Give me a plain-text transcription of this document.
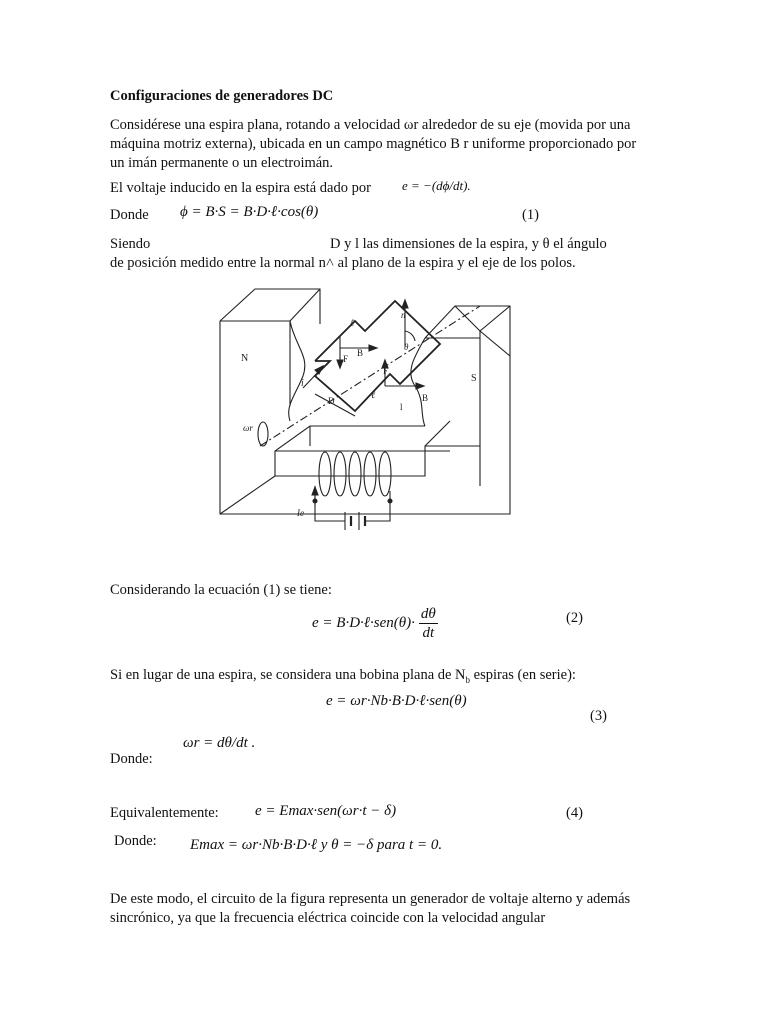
Configuraciones de generadores DC
Considérese una espira plana, rotando a velocidad ωr alrededor de su eje (movida por una máquina motriz externa), ubicada en un campo magnético B r uniforme proporcionado por un imán permanente o un electroimán.
El voltaje inducido en la espira está dado por e = −(dϕ/dt).
Donde ϕ = B·S = B·D·ℓ·cos(θ)	(1)
Siendo	D y l las dimensiones de la espira, y θ el ángulo
de posición medido entre la normal n˄ al plano de la espira y el eje de los polos.
N
S
F
B
F
B
ℓ
ℓ
D
i
l
n
θ
ωr
Ie
Considerando la ecuación (1) se tiene:
e = B·D·ℓ·sen(θ)· $\frac{d\theta}{dt}$	(2)
Si en lugar de una espira, se considera una bobina plana de $N_b$ espiras (en serie):
e = ωr·Nb·B·D·ℓ·sen(θ)
(3)
ωr = dθ/dt .
Donde:
Equivalentemente: e = Emax·sen(ωr·t − δ)	(4)
Donde: Emax = ωr·Nb·B·D·ℓ y θ = −δ para t = 0.
De este modo, el circuito de la figura representa un generador de voltaje alterno y además sincrónico, ya que la frecuencia eléctrica coincide con la velocidad angular
